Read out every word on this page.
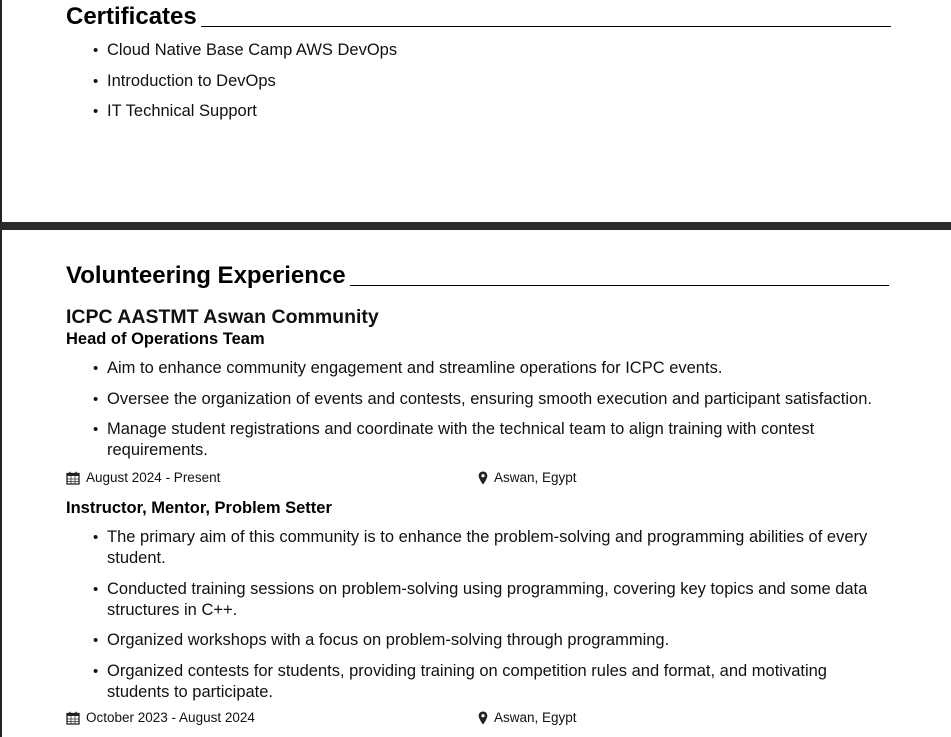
Certificates
• Cloud Native Base Camp AWS DevOps
• Introduction to DevOps
• IT Technical Support
Volunteering Experience
ICPC AASTMT Aswan Community
Head of Operations Team
• Aim to enhance community engagement and streamline operations for ICPC events.
• Oversee the organization of events and contests, ensuring smooth execution and participant satisfaction.
• Manage student registrations and coordinate with the technical team to align training with contest requirements.
August 2024 - Present	Aswan, Egypt
Instructor, Mentor, Problem Setter
• The primary aim of this community is to enhance the problem-solving and programming abilities of every student.
• Conducted training sessions on problem-solving using programming, covering key topics and some data structures in C++.
• Organized workshops with a focus on problem-solving through programming.
• Organized contests for students, providing training on competition rules and format, and motivating students to participate.
October 2023 - August 2024	Aswan, Egypt
